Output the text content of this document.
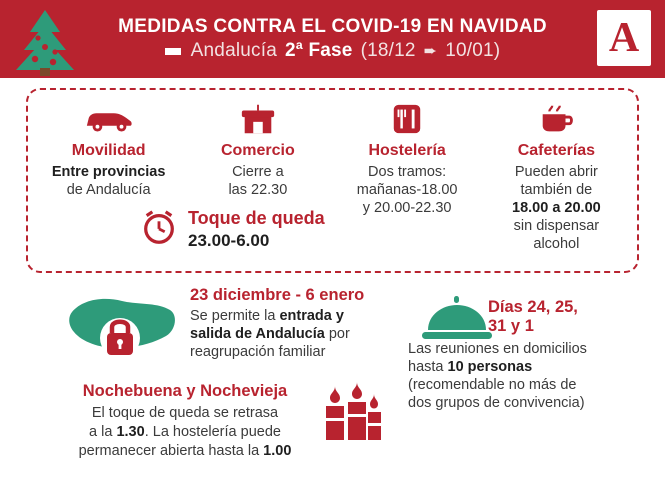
MEDIDAS CONTRA EL COVID-19 EN NAVIDAD
Andalucía 2ª Fase (18/12 ➨ 10/01)	A
Movilidad
Entre provincias
de Andalucía
Comercio
Cierre a
las 22.30
Hostelería
Dos tramos:
mañanas-18.00
y 20.00-22.30
Cafeterías
Pueden abrir
también de
18.00 a 20.00
sin dispensar
alcohol
Toque de queda
23.00-6.00
23 diciembre - 6 enero
Se permite la entrada y
salida de Andalucía por
reagrupación familiar
Días 24, 25,
31 y 1
Las reuniones en domicilios
hasta 10 personas
(recomendable no más de
dos grupos de convivencia)
Nochebuena y Nochevieja
El toque de queda se retrasa
a la 1.30. La hostelería puede
permanecer abierta hasta la 1.00
